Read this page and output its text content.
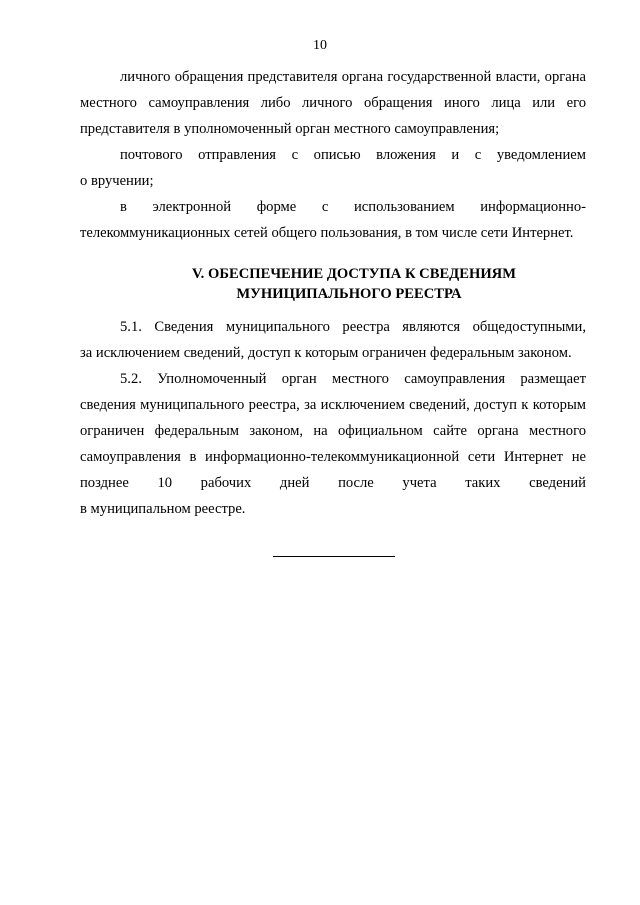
10

личного обращения представителя органа государственной власти, органа
местного самоуправления либо личного обращения иного лица или его представителя в уполномоченный орган местного самоуправления;

почтового отправления с описью вложения и с уведомлением
о вручении;

в электронной форме с использованием информационно-
телекоммуникационных сетей общего пользования, в том числе сети Интернет.

V. ОБЕСПЕЧЕНИЕ ДОСТУПА К СВЕДЕНИЯМ
МУНИЦИПАЛЬНОГО РЕЕСТРА

5.1. Сведения муниципального реестра являются общедоступными,
за исключением сведений, доступ к которым ограничен федеральным законом.

5.2. Уполномоченный орган местного самоуправления размещает
сведения муниципального реестра, за исключением сведений, доступ к которым ограничен федеральным законом, на официальном сайте органа местного самоуправления в информационно-телекоммуникационной сети Интернет не позднее 10 рабочих дней после учета таких сведений
в муниципальном реестре.
